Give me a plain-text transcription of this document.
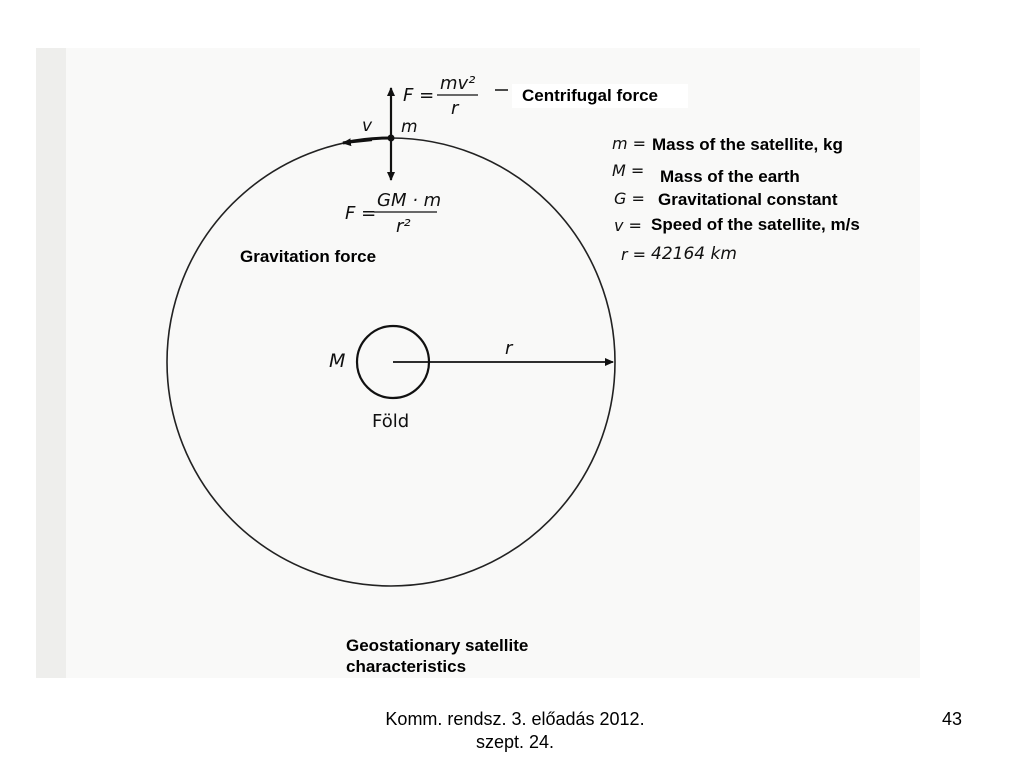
F =
mv²
r
F =
GM · m
r²
v m
M
r
Föld
Centrifugal force
Gravitation force
m = Mass of the satellite, kg
M = Mass of the earth
G = Gravitational constant
v = Speed of the satellite, m/s
r = 42164 km
Geostationary satellite
characteristics
Komm. rendsz. 3. előadás 2012.
szept. 24.
43
